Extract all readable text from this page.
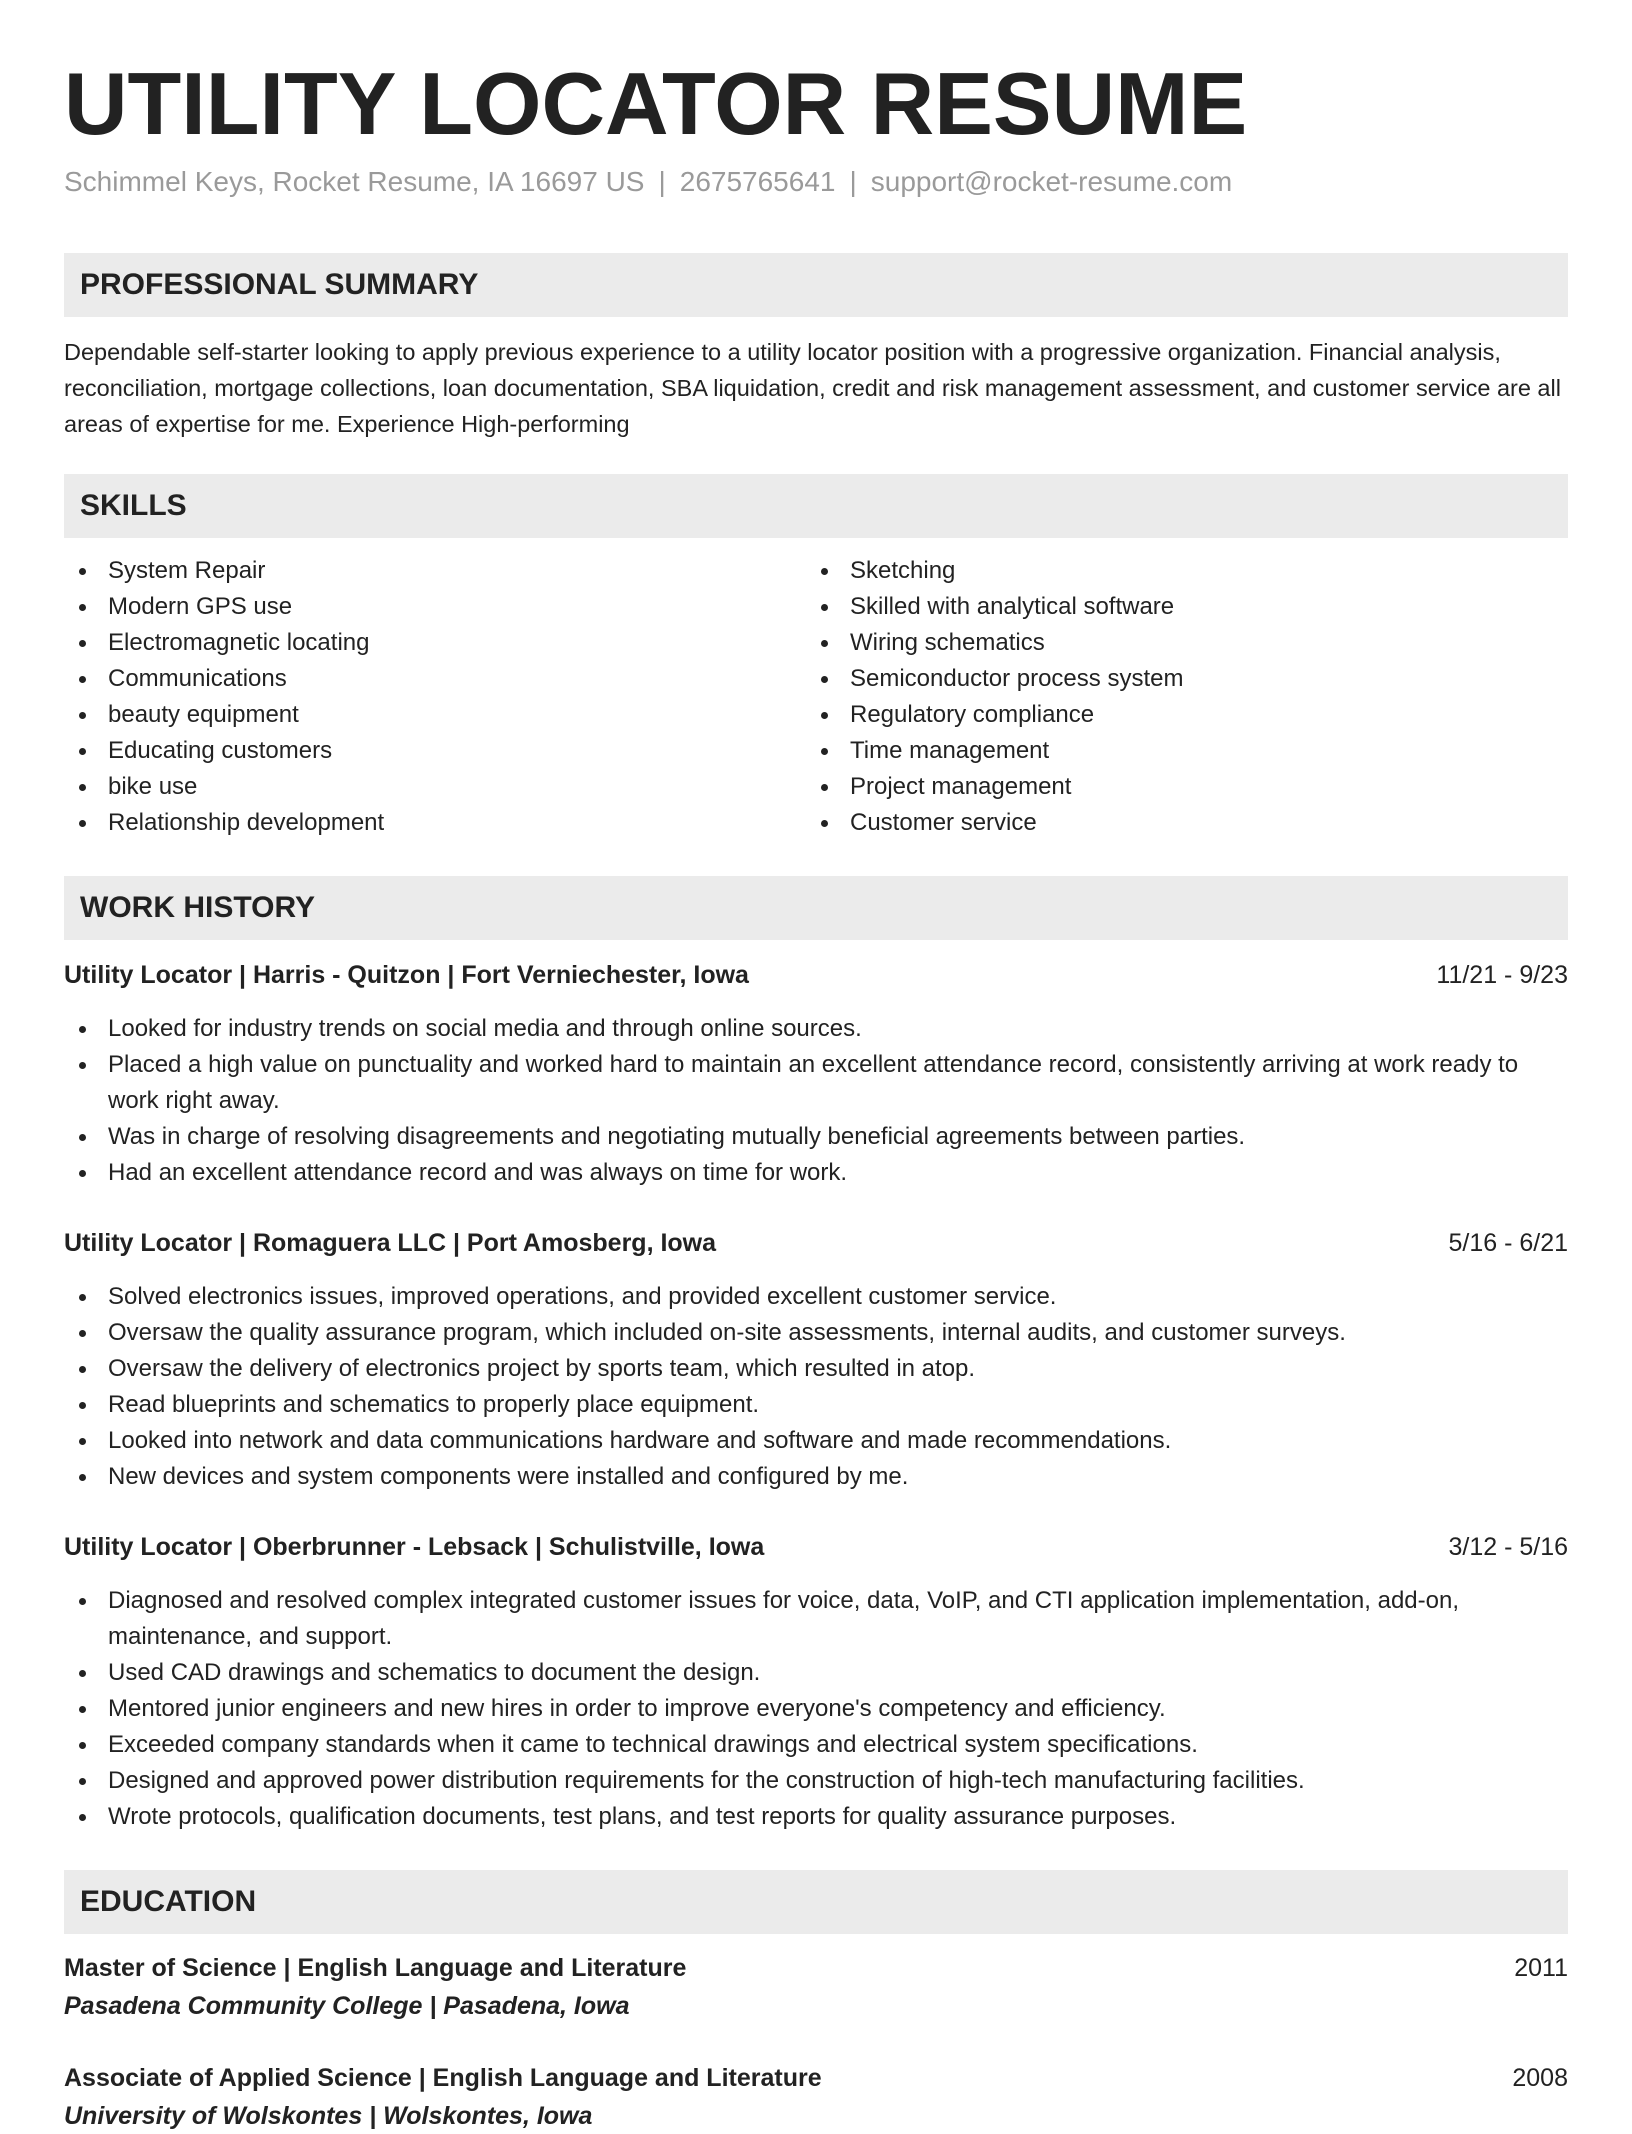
UTILITY LOCATOR RESUME
Schimmel Keys, Rocket Resume, IA 16697 US | 2675765641 | support@rocket-resume.com
PROFESSIONAL SUMMARY

Dependable self-starter looking to apply previous experience to a utility locator position with a progressive organization. Financial analysis, reconciliation, mortgage collections, loan documentation, SBA liquidation, credit and risk management assessment, and customer service are all areas of expertise for me. Experience High-performing

SKILLS
System Repair
Modern GPS use
Electromagnetic locating
Communications
beauty equipment
Educating customers
bike use
Relationship development
Sketching
Skilled with analytical software
Wiring schematics
Semiconductor process system
Regulatory compliance
Time management
Project management
Customer service
WORK HISTORY
Utility Locator | Harris - Quitzon | Fort Verniechester, Iowa	11/21 - 9/23
Looked for industry trends on social media and through online sources.
Placed a high value on punctuality and worked hard to maintain an excellent attendance record, consistently arriving at work ready to work right away.
Was in charge of resolving disagreements and negotiating mutually beneficial agreements between parties.
Had an excellent attendance record and was always on time for work.
Utility Locator | Romaguera LLC | Port Amosberg, Iowa	5/16 - 6/21
Solved electronics issues, improved operations, and provided excellent customer service.
Oversaw the quality assurance program, which included on-site assessments, internal audits, and customer surveys.
Oversaw the delivery of electronics project by sports team, which resulted in atop.
Read blueprints and schematics to properly place equipment.
Looked into network and data communications hardware and software and made recommendations.
New devices and system components were installed and configured by me.
Utility Locator | Oberbrunner - Lebsack | Schulistville, Iowa	3/12 - 5/16
Diagnosed and resolved complex integrated customer issues for voice, data, VoIP, and CTI application implementation, add-on, maintenance, and support.
Used CAD drawings and schematics to document the design.
Mentored junior engineers and new hires in order to improve everyone's competency and efficiency.
Exceeded company standards when it came to technical drawings and electrical system specifications.
Designed and approved power distribution requirements for the construction of high-tech manufacturing facilities.
Wrote protocols, qualification documents, test plans, and test reports for quality assurance purposes.
EDUCATION
Master of Science | English Language and Literature	2011
Pasadena Community College | Pasadena, Iowa
Associate of Applied Science | English Language and Literature	2008
University of Wolskontes | Wolskontes, Iowa
